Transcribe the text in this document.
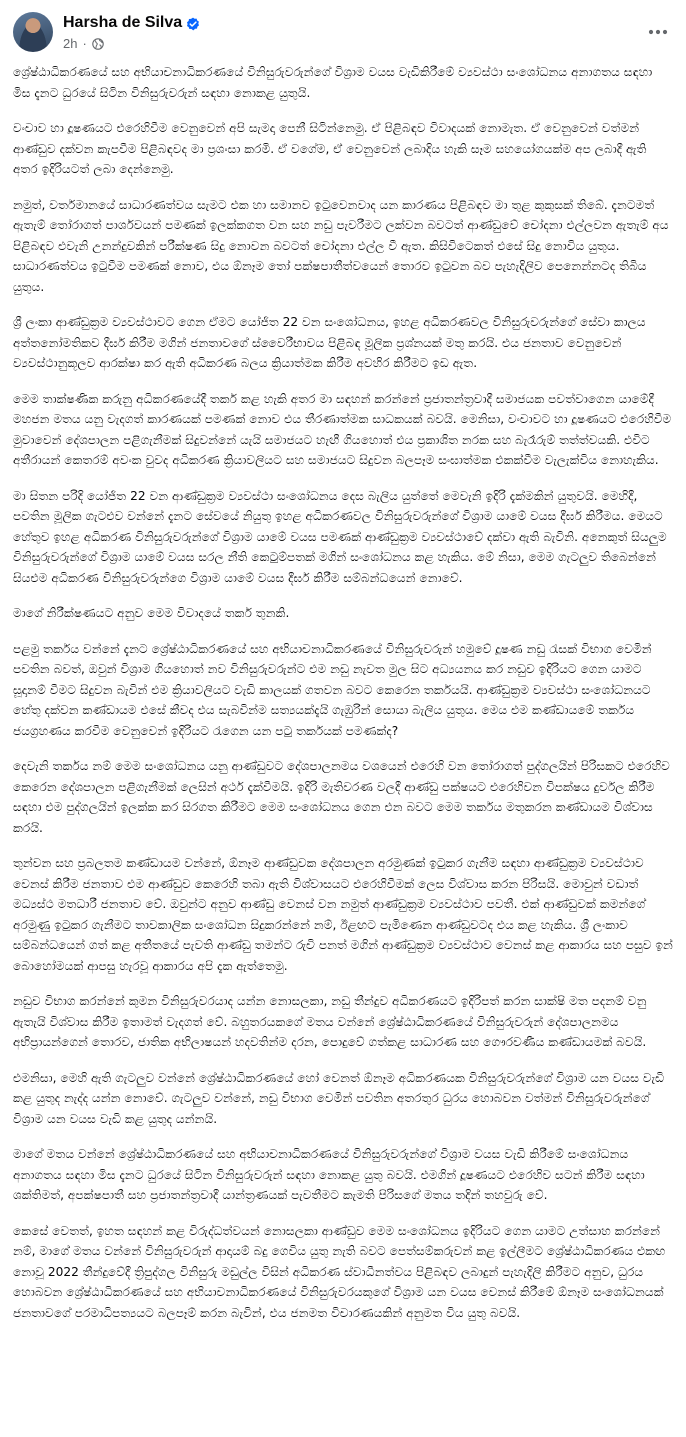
Harsha de Silva
2h ·

ශ්‍රේෂ්ඨාධිකරණයේ සහ අභියාචනාධිකරණයේ විනිසුරුවරුන්ගේ විශ්‍රාම වයස වැඩිකිරීමේ ව්‍යවස්ථා සංශෝධනය අනාගතය සඳහා මිස දැනට ධුරයේ සිටින විනිසුරුවරුන් සඳහා නොකළ යුතුයි.

වංචාව හා දූෂණයට එරෙහිවීම වෙනුවෙන් අපි සැමදා පෙනී සිටින්නෙමු. ඒ පිළිබඳව විවාදයක් නොමැත. ඒ වෙනුවෙන් වත්මන් ආණ්ඩුව දක්වන කැපවීම පිළිබඳවද මා ප්‍රශංසා කරමි. ඒ වගේම, ඒ වෙනුවෙන් ලබාදිය හැකි සෑම සහයෝගයක්ම අප ලබාදී ඇති අතර ඉදිරියටත් ලබා දෙන්නෙමු.

නමුත්, වර්තමානයේ සාධාරණත්වය සැමට එක හා සමානව ඉටුවෙනවාද යන කාරණය පිළිබඳව මා තුළ කුකුසක් තිබේ. දැනටමත් ඇතැම් තෝරාගත් පාර්ශවයන් පමණක් ඉලක්කගත වන සහ නඩු පැවරීමට ලක්වන බවටත් ආණ්ඩුවේ චෝදනා එල්ලවන ඇතැම් අය පිළිබඳව එවැනි උනන්දුවකින් පරීක්ෂණ සිදු නොවන බවටත් චෝදනා එල්ල වී ඇත. කිසිවිටෙකත් එසේ සිදු නොවිය යුතුය. සාධාරණත්වය ඉටුවීම පමණක් නොව, එය ඕනෑම තෝ පක්ෂපාතීත්වයෙන් තොරව ඉටුවන බව පැහැදිලිව පෙනෙන්නටද තිබිය යුතුය.

ශ්‍රී ලංකා ආණ්ඩුක්‍රම ව්‍යවස්ථාවට ගෙන ඒමට යෝජිත 22 වන සංශෝධනය, ඉහළ අධිකරණවල විනිසුරුවරුන්ගේ සේවා කාලය අත්තනෝමතිකව දීර්ඝ කිරීම මගින් ජනතාවගේ ස්වෛරීභාවය පිළිබඳ මූලික ප්‍රශ්නයක් මතු කරයි. එය ජනතාව වෙනුවෙන් ව්‍යවස්ථානුකූලව ආරක්ෂා කර ඇති අධිකරණ බලය ක්‍රියාත්මක කිරීම අවහිර කිරීමට ඉඩ ඇත.

මෙම තාක්ෂණික කරුනු අධිකරණයේදී තර්ක කළ හැකි අතර මා සඳහන් කරන්නේ ප්‍රජාතන්ත්‍රවාදී සමාජයක පවත්වාගෙන යාමේදී මහජන මතය යනු වැදගත් කාරණයක් පමණක් නොව එය තීරණාත්මක සාධකයක් බවයි. මෙනිසා, වංචාවට හා දූෂණයට එරෙහිවීම මුවාවෙන් දේශපාලන පළිගැනීමක් සිදුවන්නේ යැයි සමාජයට හැඟී ගියහොත් එය ප්‍රකාශිත නරක සහ බැරෑරුම් තත්ත්වයකි. එවිට අතීරායන් කෙතරම් අවංක වුවද අධිකරණ ක්‍රියාවලියට සහ සමාජයට සිදුවන බලපෑම සංඝාත්මක එකක්වීම වැලැක්විය නොහැකිය.

මා සිතන පරිදි යෝජිත 22 වන ආණ්ඩුක්‍රම ව්‍යවස්ථා සංශෝධනය දෙස බැලිය යුත්තේ මෙවැනි ඉදිරි දැක්මකින් යුතුවයි. මෙහිදී, පවතින මූලික ගැටළුව වන්නේ දැනට සේවයේ නියුතු ඉහළ අධිකරණවල විනිසුරුවරුන්ගේ විශ්‍රාම යාමේ වයස දීර්ඝ කිරීමය. මෙයට හේතුව ඉහළ අධිකරණ විනිසුරුවරුන්ගේ විශ්‍රාම යාමේ වයස පමණක් ආණ්ඩුක්‍රම ව්‍යවස්ථාවේ දක්වා ඇති බැවිනි. අනෙකුත් සියලුම විනිසුරුවරුන්ගේ විශ්‍රාම යාමේ වයස සරල නීති කෙටුම්පතක් මගින් සංශෝධනය කළ හැකිය. මේ නිසා, මෙම ගැටලුව තිබෙන්නේ සියළුම අධිකරණ විනිසුරුවරුන්ගෙ විශ්‍රාම යාමේ වයස දීර්ඝ කිරීම සම්බන්ධයෙන් නොවේ.

මාගේ නිරීක්ෂණයට අනුව මෙම විවාදයේ තර්ක තුනකි.

පළමු තර්කය වන්නේ දැනට ශ්‍රේෂ්ඨාධිකරණයේ සහ අභියාචනාධිකරණයේ විනිසුරුවරුන් හමුවේ දූෂණ නඩු රැසක් විභාග වෙමින් පවතින බවත්, ඔවුන් විශ්‍රාම ගියහොත් නව විනිසුරුවරුන්ට එම නඩු නැවත මුල සිට අධ්‍යයනය කර නඩුව ඉදිරියට ගෙන යාමට සූදානම් වීමට සිදුවන බැවින් එම ක්‍රියාවලියට වැඩි කාලයක් ගතවන බවට කෙරෙන තර්කයයි. ආණ්ඩුක්‍රම ව්‍යවස්ථා සංශෝධනයට හේතු දක්වන කණ්ඩායම එසේ කීවද එය සැබවින්ම සත්‍යයක්දැයි ගැඹුරින් සොයා බැලිය යුතුය. මෙය එම කණ්ඩායමේ තර්කය ජයග්‍රහණය කරවීම වෙනුවෙන් ඉදිරියට රැගෙන යන පටු තර්කයක් පමණක්ද?

දෙවැනි තර්කය නම් මෙම සංශෝධනය යනු ආණ්ඩුවට දේශපාලනමය වශයෙන් එරෙහි වන තෝරාගත් පුද්ගලයින් පිරිසකට එරෙහිව කෙරෙන දේශපාලන පළිගැනීමක් ලෙසින් අර්ථ දැක්වීමයි. ඉදිරි මැතිවරණ වලදී ආණ්ඩු පක්ෂයට එරෙහිවන විපක්ෂය දුර්වල කිරීම සඳහා එම පුද්ගලයින් ඉලක්ක කර සිරගත කිරීමට මෙම සංශෝධනය ගෙන එන බවට මෙම තර්කය මතුකරන කණ්ඩායම විශ්වාස කරයි.

තුන්වන සහ ප්‍රබලතම කණ්ඩායම වන්නේ, ඕනෑම ආණ්ඩුවක දේශපාලන අරමුණක් ඉටුකර ගැනීම සඳහා ආණ්ඩුක්‍රම ව්‍යවස්ථාව වෙනස් කිරීම ජනතාව එම ආණ්ඩුව කෙරෙහි තබා ඇති විශ්වාසයට එරෙහිවීමක් ලෙස විශ්වාස කරන පිරිසයි. මොවුන් වඩාත් මධ්‍යස්ථ මතධාරී ජනතාව වේ. ඔවුන්ට අනුව ආණ්ඩු වෙනස් වන නමුත් ආණ්ඩුක්‍රම ව්‍යවස්ථාව පවතී. එක් ආණ්ඩුවක් කමන්ගේ අරමුණු ඉටුකර ගැනීමට තාවකාලික සංශෝධන සිදුකරන්නේ නම්, ඊළඟට පැමිණෙන ආණ්ඩුවටද එය කළ හැකිය. ශ්‍රී ලංකාව සම්බන්ධයෙන් ගත් කළ අතීතයේ පැවති ආණ්ඩු තමන්ට රුචි පනත් මගින් ආණ්ඩුක්‍රම ව්‍යවස්ථාව වෙනස් කළ ආකාරය සහ පසුව ඉන් බොහෝමයක් ආපසු හැරවූ ආකාරය අපි දැක ඇත්තෙමු.

නඩුව විභාග කරන්නේ කුමන විනිසුරුවරයාද යන්න නොසලකා, නඩු තීන්දුව අධිකරණයට ඉදිරිපත් කරන සාක්ෂි මත පදනම් වනු ඇතැයි විශ්වාස කිරීම ඉතාමත් වැදගත් වේ. බහුතරයකගේ මතය වන්නේ ශ්‍රේෂ්ඨාධිකරණයේ විනිසුරුවරුන් දේශපාලනමය අභිප්‍රායන්ගෙන් තොරව, ජාතික අභිලාෂයන් හදවතින්ම දරන, පොදුවේ ගත්කළ සාධාරණ සහ ගෞරවණීය කණ්ඩායමක් බවයි.

එමනිසා, මෙහි ඇති ගැටලුව වන්නේ ශ්‍රේෂ්ඨාධිකරණයේ හෝ වෙනත් ඕනෑම අධිකරණයක විනිසුරුවරුන්ගේ විශ්‍රාම යන වයස වැඩි කළ යුතුද නැද්ද යන්න නොවේ. ගැටලුව වන්නේ, නඩු විභාග වෙමින් පවතින අතරතුර ධුරය හොබවන වත්මන් විනිසුරුවරුන්ගේ විශ්‍රාම යන වයස වැඩි කළ යුතුද යන්නයි.

මාගේ මතය වන්නේ ශ්‍රේෂ්ඨාධිකරණයේ සහ අභියාචනාධිකරණයේ විනිසුරුවරුන්ගේ විශ්‍රාම වයස වැඩි කිරීමේ සංශෝධනය අනාගතය සඳහා මිස දැනට ධුරයේ සිටින විනිසුරුවරුන් සඳහා නොකළ යුතු බවයි. එමගින් දූෂණයට එරෙහිව සටන් කිරීම සඳහා ශක්තිමත්, අපක්ෂපාතී සහ ප්‍රජාතන්ත්‍රවාදී යාන්ත්‍රණයක් පැවතීමට කැමති පිරිසගේ මතය තදින් තහවුරු වේ.

කෙසේ වෙතත්, ඉහත සඳහන් කළ විරුද්ධත්වයන් නොසලකා ආණ්ඩුව මෙම සංශෝධනය ඉදිරියට ගෙන යාමට උත්සාහ කරන්නේ නම්, මාගේ මතය වන්නේ විනිසුරුවරුන් ආදායම් බදු ගෙවිය යුතු නැති බවට පෙත්සම්කරුවන් කළ ඉල්ලීමට ශ්‍රේෂ්ඨාධිකරණය එකඟ නොවූ 2022 තීන්දුවේදී ත්‍රිපුද්ගල විනිසුරු මඩුල්ල විසින් අධිකරණ ස්වාධීනත්වය පිළිබඳව ලබාදුන් පැහැදිලි කිරීමට අනුව, ධුරය හොබවන ශ්‍රේෂ්ඨාධිකරණයේ සහ අභියාචනාධිකරණයේ විනිසුරුවරයකුගේ විශ්‍රාම යන වයස වෙනස් කිරීමේ ඕනෑම සංශෝධනයක් ජනතාවගේ පරමාධිපත්‍යයට බලපෑම් කරන බැවින්, එය ජනමත විචාරණයකින් අනුමත විය යුතු බවයි.
